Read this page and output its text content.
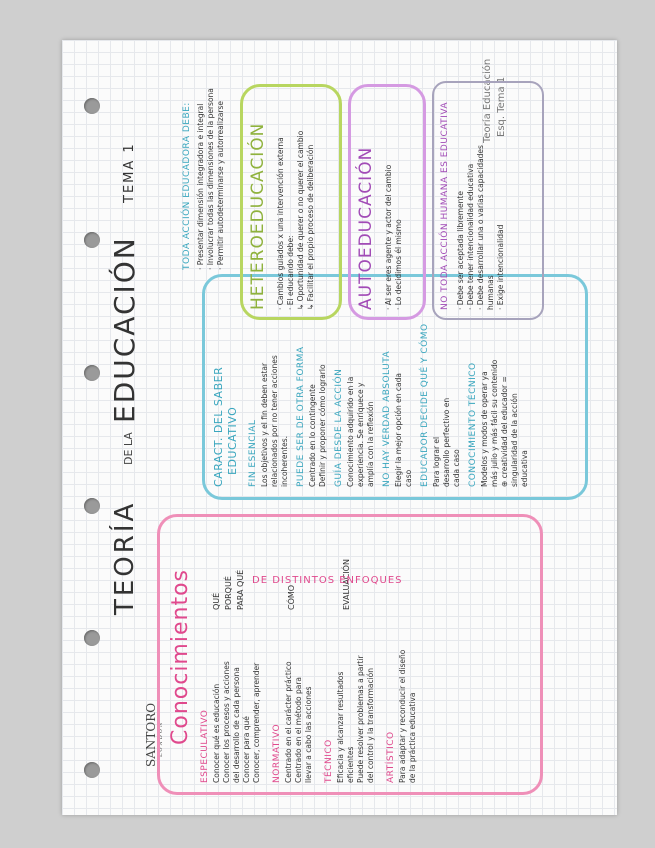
SANTORO LONDON
TEORÍA
DE LA
EDUCACIÓN
TEMA 1
Teoría Educación Esq. Tema 1
Conocimientos
ESPECULATIVO Conocer qué es educación Conocer los procesos y acciones del desarrollo de cada persona Conocer para qué Conocer, comprender, aprender NORMATIVO Centrado en el carácter práctico Centrado en el método para llevar a cabo las acciones TÉCNICO Eficacia y alcanzar resultados eficientes Puede resolver problemas a partir del control y la transformación ARTÍSTICO Para adaptar y reconducir el diseño de la práctica educativa
QUÉ PORQUÉ PARA QUÉ	CÓMO	EVALUACIÓN
DE DISTINTOS ENFOQUES
CARACT. DEL SABER EDUCATIVO FIN ESENCIAL Los objetivos y el fin deben estar relacionados por no tener acciones incoherentes. PUEDE SER DE OTRA FORMA Centrado en lo contingente Definir y proponer cómo lograrlo GUÍA DESDE LA ACCIÓN Conocimiento adquirido en la experiencia. Se enriquece y amplía con la reflexión NO HAY VERDAD ABSOLUTA Elegir la mejor opción en cada caso EDUCADOR DECIDE QUÉ Y CÓMO Para lograr el desarrollo perfectivo en cada caso CONOCIMIENTO TÉCNICO Modelos y modos de operar ya más julio y más fácil su contenido ⊕ creatividad del educador = singularidad de la acción educativa
TODA ACCIÓN EDUCADORA DEBE: · Presentar dimensión integradora e integral · Involucrar todas las dimensiones de la persona · Permitir autodeterminarse y autorrealizarse HETEROEDUCACIÓN · Cambios guiados x una intervención externa · El educando debe: ↳ Oportunidad de querer o no querer el cambio ↳ Facilitar el propio proceso de deliberación AUTOEDUCACIÓN · Al ser eres agente y actor del cambio · Lo decidimos él mismo	NO TODA ACCIÓN HUMANA ES EDUCATIVA · Debe ser aceptada libremente · Debe tener intencionalidad educativa · Debe desarrollar una o varias capacidades humanas · Exige intencionalidad
